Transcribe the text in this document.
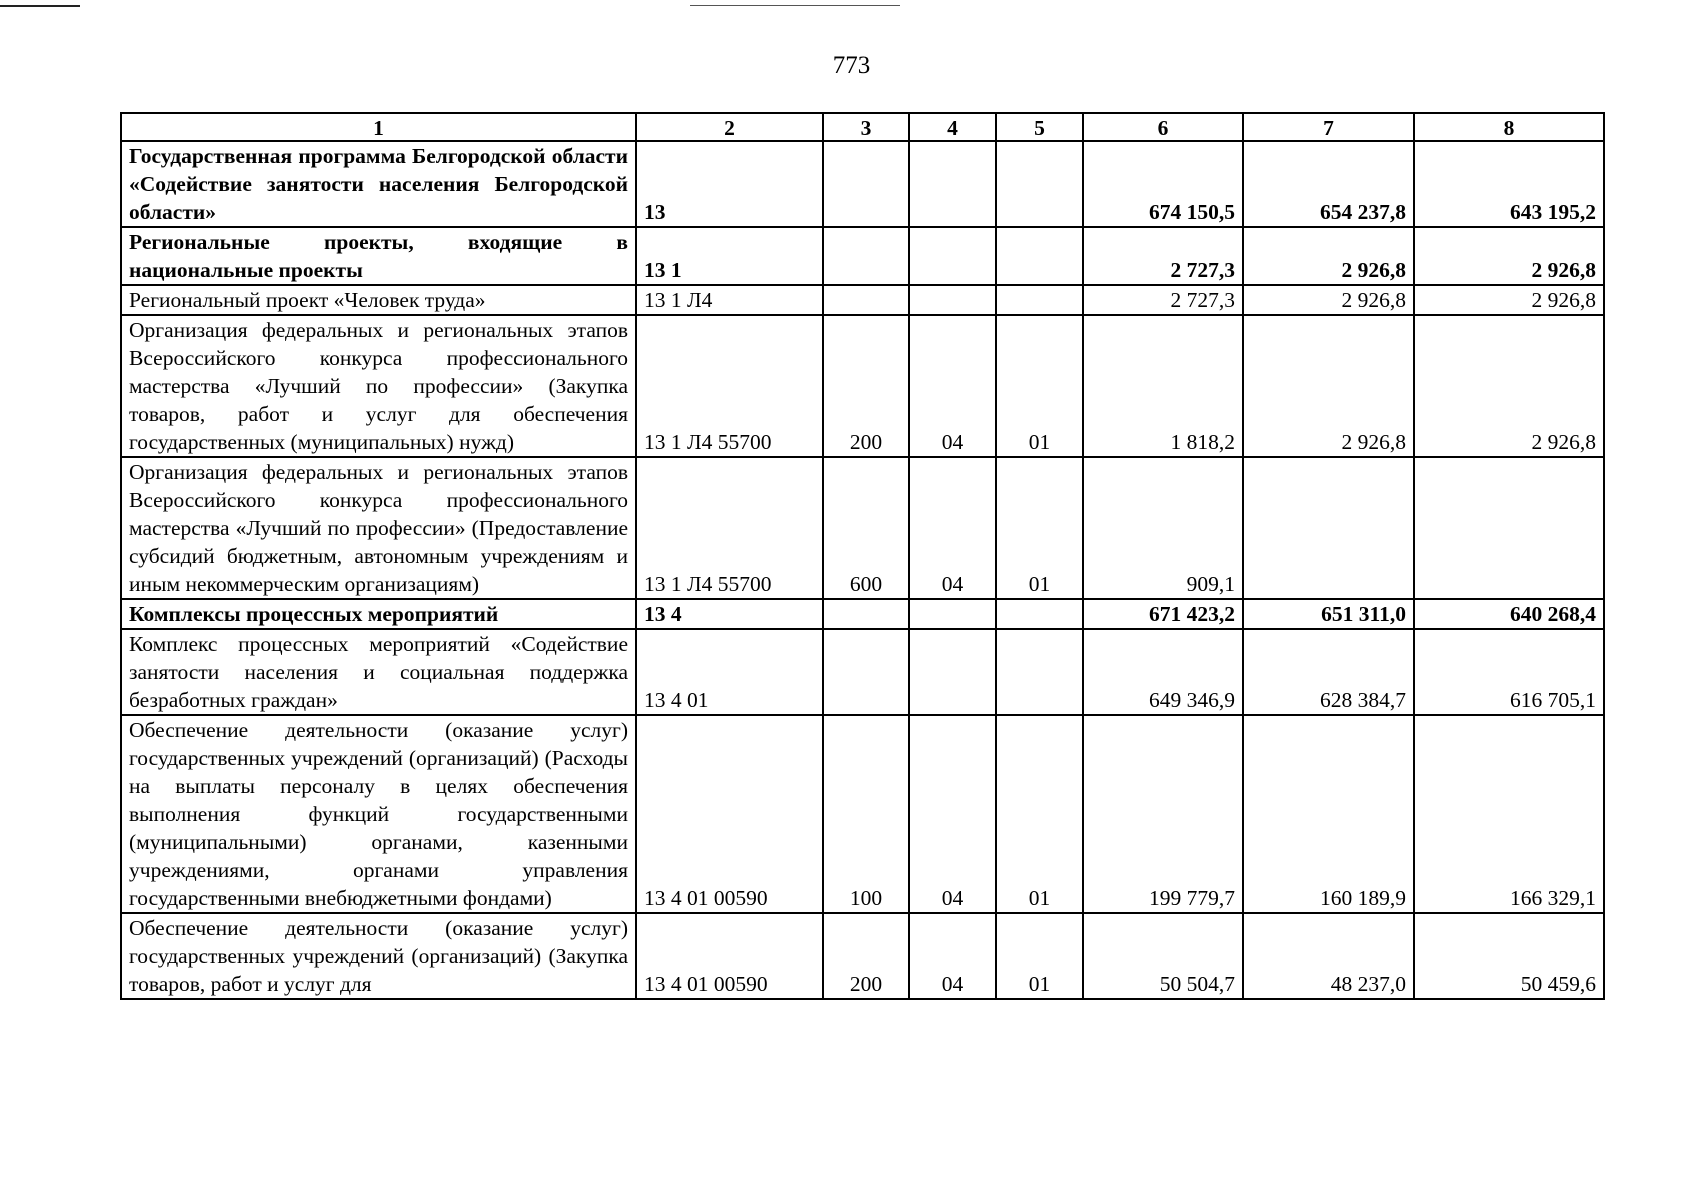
773
1	2	3	4	5	6	7	8
Государственная программа Белгородской области «Содействие занятости населения Белгородской области»	13				674 150,5	654 237,8	643 195,2
Региональные проекты, входящие в национальные проекты	13 1				2 727,3	2 926,8	2 926,8
Региональный проект «Человек труда»	13 1 Л4				2 727,3	2 926,8	2 926,8
Организация федеральных и региональных этапов Всероссийского конкурса профессионального мастерства «Лучший по профессии» (Закупка товаров, работ и услуг для обеспечения государственных (муниципальных) нужд)	13 1 Л4 55700	200	04	01	1 818,2	2 926,8	2 926,8
Организация федеральных и региональных этапов Всероссийского конкурса профессионального мастерства «Лучший по профессии» (Предоставление субсидий бюджетным, автономным учреждениям и иным некоммерческим организациям)	13 1 Л4 55700	600	04	01	909,1		
Комплексы процессных мероприятий	13 4				671 423,2	651 311,0	640 268,4
Комплекс процессных мероприятий «Содействие занятости населения и социальная поддержка безработных граждан»	13 4 01				649 346,9	628 384,7	616 705,1
Обеспечение деятельности (оказание услуг) государственных учреждений (организаций) (Расходы на выплаты персоналу в целях обеспечения выполнения функций государственными (муниципальными) органами, казенными учреждениями, органами управления государственными внебюджетными фондами)	13 4 01 00590	100	04	01	199 779,7	160 189,9	166 329,1
Обеспечение деятельности (оказание услуг) государственных учреждений (организаций) (Закупка товаров, работ и услуг для	13 4 01 00590	200	04	01	50 504,7	48 237,0	50 459,6
